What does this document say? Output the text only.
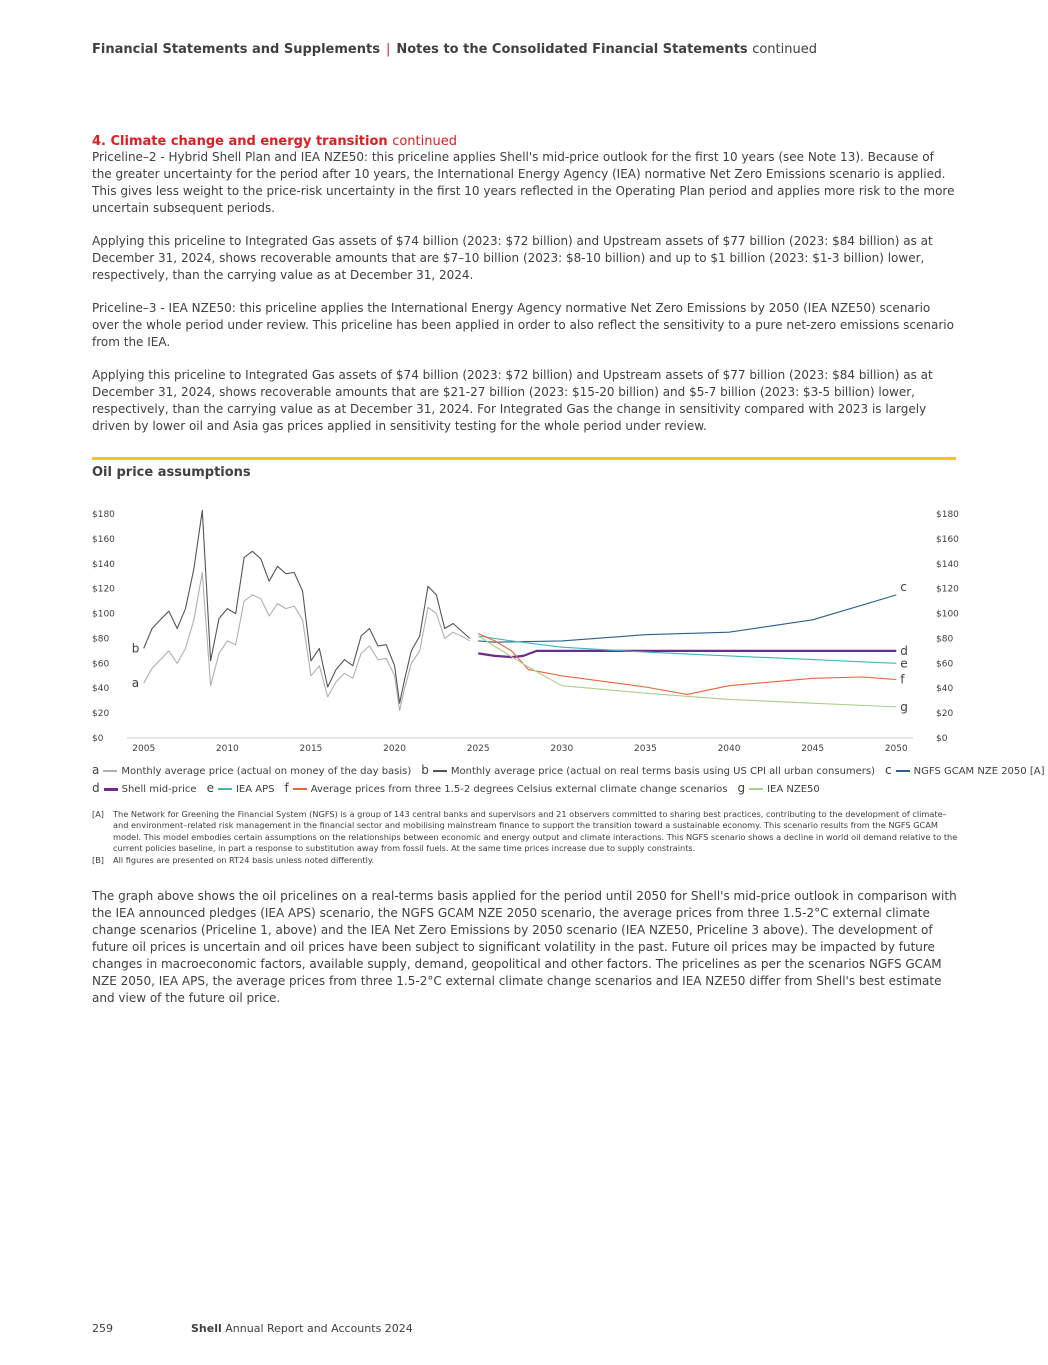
Financial Statements and Supplements | Notes to the Consolidated Financial Statements continued
4. Climate change and energy transition continued

Priceline–2 - Hybrid Shell Plan and IEA NZE50: this priceline applies Shell's mid-price outlook for the first 10 years (see Note 13). Because of the greater uncertainty for the period after 10 years, the International Energy Agency (IEA) normative Net Zero Emissions scenario is applied. This gives less weight to the price-risk uncertainty in the first 10 years reflected in the Operating Plan period and applies more risk to the more uncertain subsequent periods.

Applying this priceline to Integrated Gas assets of $74 billion (2023: $72 billion) and Upstream assets of $77 billion (2023: $84 billion) as at December 31, 2024, shows recoverable amounts that are $7–10 billion (2023: $8-10 billion) and up to $1 billion (2023: $1-3 billion) lower, respectively, than the carrying value as at December 31, 2024.

Priceline–3 - IEA NZE50: this priceline applies the International Energy Agency normative Net Zero Emissions by 2050 (IEA NZE50) scenario over the whole period under review. This priceline has been applied in order to also reflect the sensitivity to a pure net-zero emissions scenario from the IEA.

Applying this priceline to Integrated Gas assets of $74 billion (2023: $72 billion) and Upstream assets of $77 billion (2023: $84 billion) as at December 31, 2024, shows recoverable amounts that are $21-27 billion (2023: $15-20 billion) and $5-7 billion (2023: $3-5 billion) lower, respectively, than the carrying value as at December 31, 2024. For Integrated Gas the change in sensitivity compared with 2023 is largely driven by lower oil and Asia gas prices applied in sensitivity testing for the whole period under review.

Oil price assumptions
$0	$0
$20	$20
$40	$40
$60	$60
$80	$80
$100	$100
$120	$120
$140	$140
$160	$160
$180	$180
2005	2010	2015	2020	2025	2030	2035	2040	2045	2050
a
b
c
d
e
f
g
a Monthly average price (actual on money of the day basis) b Monthly average price (actual on real terms basis using US CPI all urban consumers) c NGFS GCAM NZE 2050 [A]
d Shell mid-price e IEA APS f Average prices from three 1.5-2 degrees Celsius external climate change scenarios g IEA NZE50
[A]	The Network for Greening the Financial System (NGFS) is a group of 143 central banks and supervisors and 21 observers committed to sharing best practices, contributing to the development of climate– and environment–related risk management in the financial sector and mobilising mainstream finance to support the transition toward a sustainable economy. This scenario results from the NGFS GCAM model. This model embodies certain assumptions on the relationships between economic and energy output and climate interactions. This NGFS scenario shows a decline in world oil demand relative to the current policies baseline, in part a response to substitution away from fossil fuels. At the same time prices increase due to supply constraints.
[B]	All figures are presented on RT24 basis unless noted differently.
The graph above shows the oil pricelines on a real-terms basis applied for the period until 2050 for Shell's mid-price outlook in comparison with the IEA announced pledges (IEA APS) scenario, the NGFS GCAM NZE 2050 scenario, the average prices from three 1.5-2°C external climate change scenarios (Priceline 1, above) and the IEA Net Zero Emissions by 2050 scenario (IEA NZE50, Priceline 3 above). The development of future oil prices is uncertain and oil prices have been subject to significant volatility in the past. Future oil prices may be impacted by future changes in macroeconomic factors, available supply, demand, geopolitical and other factors. The pricelines as per the scenarios NGFS GCAM NZE 2050, IEA APS, the average prices from three 1.5-2°C external climate change scenarios and IEA NZE50 differ from Shell's best estimate and view of the future oil price.
259	Shell Annual Report and Accounts 2024
